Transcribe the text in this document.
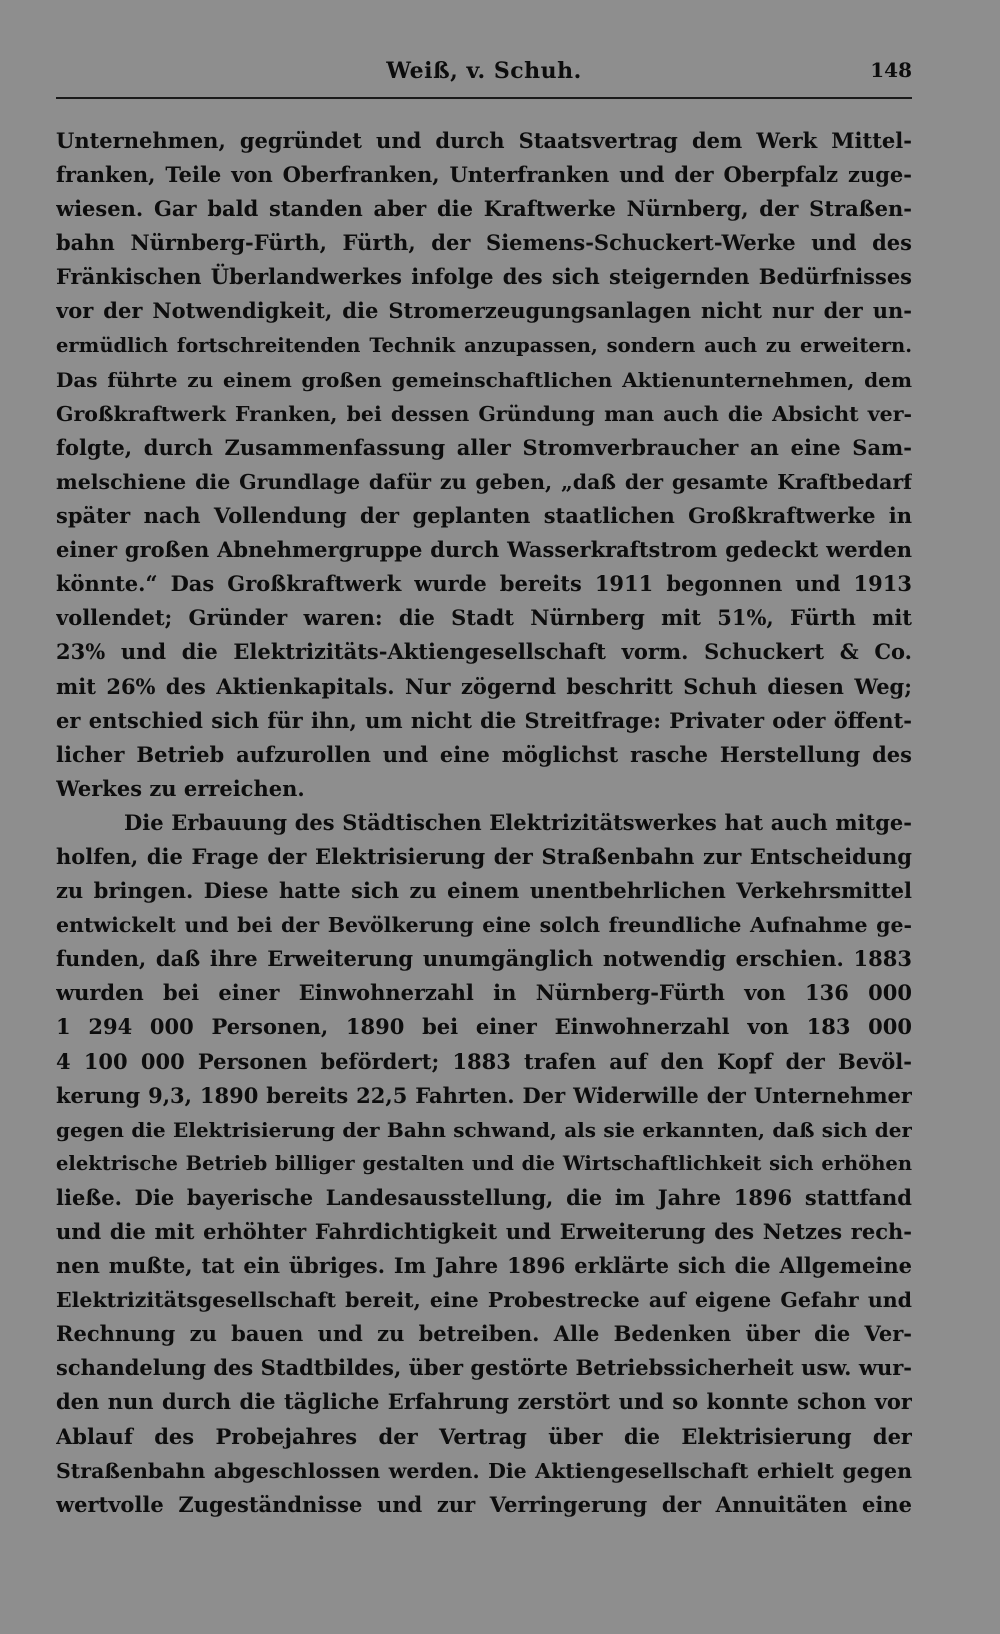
Weiß, v. Schuh.	148
Unternehmen, gegründet und durch Staatsvertrag dem Werk Mittel-
franken, Teile von Oberfranken, Unterfranken und der Oberpfalz zuge-
wiesen. Gar bald standen aber die Kraftwerke Nürnberg, der Straßen-
bahn Nürnberg-Fürth, Fürth, der Siemens-Schuckert-Werke und des
Fränkischen Überlandwerkes infolge des sich steigernden Bedürfnisses
vor der Notwendigkeit, die Stromerzeugungsanlagen nicht nur der un-
ermüdlich fortschreitenden Technik anzupassen, sondern auch zu erweitern.
Das führte zu einem großen gemeinschaftlichen Aktienunternehmen, dem
Großkraftwerk Franken, bei dessen Gründung man auch die Absicht ver-
folgte, durch Zusammenfassung aller Stromverbraucher an eine Sam-
melschiene die Grundlage dafür zu geben, „daß der gesamte Kraftbedarf
später nach Vollendung der geplanten staatlichen Großkraftwerke in
einer großen Abnehmergruppe durch Wasserkraftstrom gedeckt werden
könnte.“ Das Großkraftwerk wurde bereits 1911 begonnen und 1913
vollendet; Gründer waren: die Stadt Nürnberg mit 51%, Fürth mit
23% und die Elektrizitäts-Aktiengesellschaft vorm. Schuckert & Co.
mit 26% des Aktienkapitals. Nur zögernd beschritt Schuh diesen Weg;
er entschied sich für ihn, um nicht die Streitfrage: Privater oder öffent-
licher Betrieb aufzurollen und eine möglichst rasche Herstellung des
Werkes zu erreichen.
Die Erbauung des Städtischen Elektrizitätswerkes hat auch mitge-
holfen, die Frage der Elektrisierung der Straßenbahn zur Entscheidung
zu bringen. Diese hatte sich zu einem unentbehrlichen Verkehrsmittel
entwickelt und bei der Bevölkerung eine solch freundliche Aufnahme ge-
funden, daß ihre Erweiterung unumgänglich notwendig erschien. 1883
wurden bei einer Einwohnerzahl in Nürnberg-Fürth von 136 000
1 294 000 Personen, 1890 bei einer Einwohnerzahl von 183 000
4 100 000 Personen befördert; 1883 trafen auf den Kopf der Bevöl-
kerung 9,3, 1890 bereits 22,5 Fahrten. Der Widerwille der Unternehmer
gegen die Elektrisierung der Bahn schwand, als sie erkannten, daß sich der
elektrische Betrieb billiger gestalten und die Wirtschaftlichkeit sich erhöhen
ließe. Die bayerische Landesausstellung, die im Jahre 1896 stattfand
und die mit erhöhter Fahrdichtigkeit und Erweiterung des Netzes rech-
nen mußte, tat ein übriges. Im Jahre 1896 erklärte sich die Allgemeine
Elektrizitätsgesellschaft bereit, eine Probestrecke auf eigene Gefahr und
Rechnung zu bauen und zu betreiben. Alle Bedenken über die Ver-
schandelung des Stadtbildes, über gestörte Betriebssicherheit usw. wur-
den nun durch die tägliche Erfahrung zerstört und so konnte schon vor
Ablauf des Probejahres der Vertrag über die Elektrisierung der
Straßenbahn abgeschlossen werden. Die Aktiengesellschaft erhielt gegen
wertvolle Zugeständnisse und zur Verringerung der Annuitäten eine
